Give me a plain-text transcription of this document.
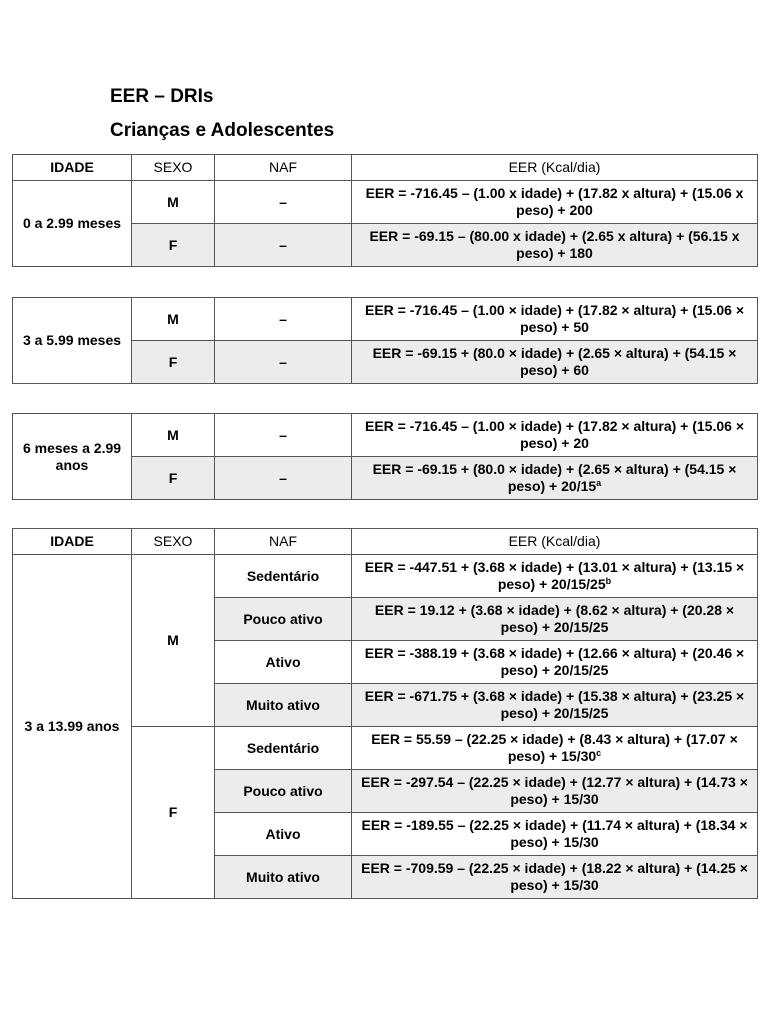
EER – DRIs
Crianças e Adolescentes
IDADE	SEXO	NAF	EER (Kcal/dia)
0 a 2.99 meses	M	–	EER = -716.45 – (1.00 x idade) + (17.82 x altura) + (15.06 x peso) + 200
	F	–	EER = -69.15 – (80.00 x idade) + (2.65 x altura) + (56.15 x peso) + 180
3 a 5.99 meses	M	–	EER = -716.45 – (1.00 × idade) + (17.82 × altura) + (15.06 × peso) + 50
	F	–	EER = -69.15 + (80.0 × idade) + (2.65 × altura) + (54.15 × peso) + 60
6 meses a 2.99 anos	M	–	EER = -716.45 – (1.00 × idade) + (17.82 × altura) + (15.06 × peso) + 20
	F	–	EER = -69.15 + (80.0 × idade) + (2.65 × altura) + (54.15 × peso) + $20/15^a$
IDADE	SEXO	NAF	EER (Kcal/dia)
3 a 13.99 anos	M	Sedentário	EER = -447.51 + (3.68 × idade) + (13.01 × altura) + (13.15 × peso) + $20/15/25^b$
		Pouco ativo	EER = 19.12 + (3.68 × idade) + (8.62 × altura) + (20.28 × peso) + 20/15/25
		Ativo	EER = -388.19 + (3.68 × idade) + (12.66 × altura) + (20.46 × peso) + 20/15/25
		Muito ativo	EER = -671.75 + (3.68 × idade) + (15.38 × altura) + (23.25 × peso) + 20/15/25
	F	Sedentário	EER = 55.59 – (22.25 × idade) + (8.43 × altura) + (17.07 × peso) + $15/30^c$
		Pouco ativo	EER = -297.54 – (22.25 × idade) + (12.77 × altura) + (14.73 × peso) + 15/30
		Ativo	EER = -189.55 – (22.25 × idade) + (11.74 × altura) + (18.34 × peso) + 15/30
		Muito ativo	EER = -709.59 – (22.25 × idade) + (18.22 × altura) + (14.25 × peso) + 15/30
